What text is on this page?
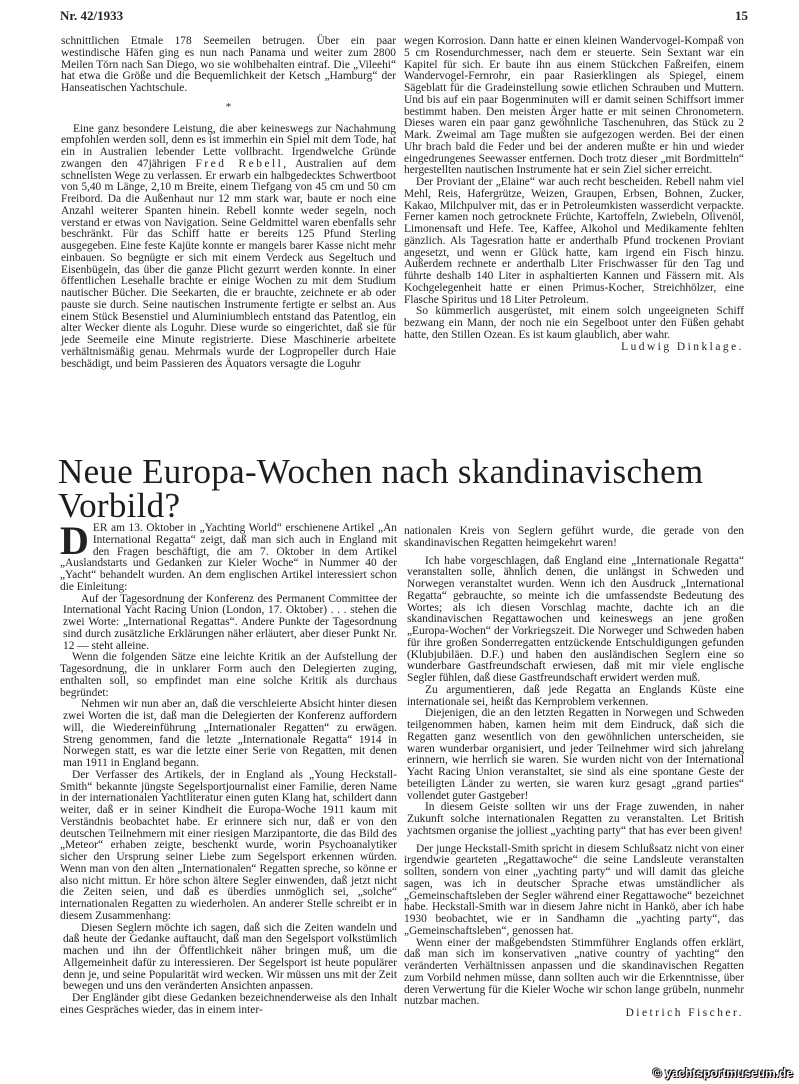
Nr. 42/1933	15

schnittlichen Etmale 178 Seemeilen betrugen. Über ein paar westindische Häfen ging es nun nach Panama und weiter zum 2800 Meilen Törn nach San Diego, wo sie wohlbehalten eintraf. Die „Vileehi“ hat etwa die Größe und die Bequemlichkeit der Ketsch „Hamburg“ der Hanseatischen Yachtschule.

*

Eine ganz besondere Leistung, die aber keineswegs zur Nachahmung empfohlen werden soll, denn es ist immerhin ein Spiel mit dem Tode, hat ein in Australien lebender Lette vollbracht. Irgendwelche Gründe zwangen den 47jährigen Fred Rebell, Australien auf dem schnellsten Wege zu verlassen. Er erwarb ein halbgedecktes Schwertboot von 5,40 m Länge, 2,10 m Breite, einem Tiefgang von 45 cm und 50 cm Freibord. Da die Außenhaut nur 12 mm stark war, baute er noch eine Anzahl weiterer Spanten hinein. Rebell konnte weder segeln, noch verstand er etwas von Navigation. Seine Geldmittel waren ebenfalls sehr beschränkt. Für das Schiff hatte er bereits 125 Pfund Sterling ausgegeben. Eine feste Kajüte konnte er mangels barer Kasse nicht mehr einbauen. So begnügte er sich mit einem Verdeck aus Segeltuch und Eisenbügeln, das über die ganze Plicht gezurrt werden konnte. In einer öffentlichen Lesehalle brachte er einige Wochen zu mit dem Studium nautischer Bücher. Die Seekarten, die er brauchte, zeichnete er ab oder pauste sie durch. Seine nautischen Instrumente fertigte er selbst an. Aus einem Stück Besenstiel und Aluminiumblech entstand das Patentlog, ein alter Wecker diente als Loguhr. Diese wurde so eingerichtet, daß sie für jede Seemeile eine Minute registrierte. Diese Maschinerie arbeitete verhältnismäßig genau. Mehrmals wurde der Logpropeller durch Haie beschädigt, und beim Passieren des Äquators versagte die Loguhr

wegen Korrosion. Dann hatte er einen kleinen Wandervogel-Kompaß von 5 cm Rosendurchmesser, nach dem er steuerte. Sein Sextant war ein Kapitel für sich. Er baute ihn aus einem Stückchen Faßreifen, einem Wandervogel-Fernrohr, ein paar Rasierklingen als Spiegel, einem Sägeblatt für die Gradeinstellung sowie etlichen Schrauben und Muttern. Und bis auf ein paar Bogenminuten will er damit seinen Schiffsort immer bestimmt haben. Den meisten Ärger hatte er mit seinen Chronometern. Dieses waren ein paar ganz gewöhnliche Taschenuhren, das Stück zu 2 Mark. Zweimal am Tage mußten sie aufgezogen werden. Bei der einen Uhr brach bald die Feder und bei der anderen mußte er hin und wieder eingedrungenes Seewasser entfernen. Doch trotz dieser „mit Bordmitteln“ hergestellten nautischen Instrumente hat er sein Ziel sicher erreicht.

Der Proviant der „Elaine“ war auch recht bescheiden. Rebell nahm viel Mehl, Reis, Hafergrütze, Weizen, Graupen, Erbsen, Bohnen, Zucker, Kakao, Milchpulver mit, das er in Petroleumkisten wasserdicht verpackte. Ferner kamen noch getrocknete Früchte, Kartoffeln, Zwiebeln, Olivenöl, Limonensaft und Hefe. Tee, Kaffee, Alkohol und Medikamente fehlten gänzlich. Als Tagesration hatte er anderthalb Pfund trockenen Proviant angesetzt, und wenn er Glück hatte, kam irgend ein Fisch hinzu. Außerdem rechnete er anderthalb Liter Frischwasser für den Tag und führte deshalb 140 Liter in asphaltierten Kannen und Fässern mit. Als Kochgelegenheit hatte er einen Primus-Kocher, Streichhölzer, eine Flasche Spiritus und 18 Liter Petroleum.

So kümmerlich ausgerüstet, mit einem solch ungeeigneten Schiff bezwang ein Mann, der noch nie ein Segelboot unter den Füßen gehabt hatte, den Stillen Ozean. Es ist kaum glaublich, aber wahr.

Ludwig Dinklage.
Neue Europa-Wochen nach skandinavischem Vorbild?

DER am 13. Oktober in „Yachting World“ erschienene Artikel „An International Regatta“ zeigt, daß man sich auch in England mit den Fragen beschäftigt, die am 7. Oktober in dem Artikel „Auslandstarts und Gedanken zur Kieler Woche“ in Nummer 40 der „Yacht“ behandelt wurden. An dem englischen Artikel interessiert schon die Einleitung:

Auf der Tagesordnung der Konferenz des Permanent Committee der International Yacht Racing Union (London, 17. Oktober) . . . stehen die zwei Worte: „International Regattas“. Andere Punkte der Tagesordnung sind durch zusätzliche Erklärungen näher erläutert, aber dieser Punkt Nr. 12 — steht alleine.

Wenn die folgenden Sätze eine leichte Kritik an der Aufstellung der Tagesordnung, die in unklarer Form auch den Delegierten zuging, enthalten soll, so empfindet man eine solche Kritik als durchaus begründet:

Nehmen wir nun aber an, daß die verschleierte Absicht hinter diesen zwei Worten die ist, daß man die Delegierten der Konferenz auffordern will, die Wiedereinführung „Internationaler Regatten“ zu erwägen. Streng genommen, fand die letzte „Internationale Regatta“ 1914 in Norwegen statt, es war die letzte einer Serie von Regatten, mit denen man 1911 in England begann.

Der Verfasser des Artikels, der in England als „Young Heckstall-Smith“ bekannte jüngste Segelsportjournalist einer Familie, deren Name in der internationalen Yachtliteratur einen guten Klang hat, schildert dann weiter, daß er in seiner Kindheit die Europa-Woche 1911 kaum mit Verständnis beobachtet habe. Er erinnere sich nur, daß er von den deutschen Teilnehmern mit einer riesigen Marzipantorte, die das Bild des „Meteor“ erhaben zeigte, beschenkt wurde, worin Psychoanalytiker sicher den Ursprung seiner Liebe zum Segelsport erkennen würden. Wenn man von den alten „Internationalen“ Regatten spreche, so könne er also nicht mittun. Er höre schon ältere Segler einwenden, daß jetzt nicht die Zeiten seien, und daß es überdies unmöglich sei, „solche“ internationalen Regatten zu wiederholen. An anderer Stelle schreibt er in diesem Zusammenhang:

Diesen Seglern möchte ich sagen, daß sich die Zeiten wandeln und daß heute der Gedanke auftaucht, daß man den Segelsport volkstümlich machen und ihn der Öffentlichkeit näher bringen muß, um die Allgemeinheit dafür zu interessieren. Der Segelsport ist heute populärer denn je, und seine Popularität wird wecken. Wir müssen uns mit der Zeit bewegen und uns den veränderten Ansichten anpassen.

Der Engländer gibt diese Gedanken bezeichnenderweise als den Inhalt eines Gespräches wieder, das in einem inter-

nationalen Kreis von Seglern geführt wurde, die gerade von den skandinavischen Regatten heimgekehrt waren!

Ich habe vorgeschlagen, daß England eine „Internationale Regatta“ veranstalten solle, ähnlich denen, die unlängst in Schweden und Norwegen veranstaltet wurden. Wenn ich den Ausdruck „International Regatta“ gebrauchte, so meinte ich die umfassendste Bedeutung des Wortes; als ich diesen Vorschlag machte, dachte ich an die skandinavischen Regattawochen und keineswegs an jene großen „Europa-Wochen“ der Vorkriegszeit. Die Norweger und Schweden haben für ihre großen Sonderregatten entzückende Entschuldigungen gefunden (Klubjubiläen. D.F.) und haben den ausländischen Seglern eine so wunderbare Gastfreundschaft erwiesen, daß mit mir viele englische Segler fühlen, daß diese Gastfreundschaft erwidert werden muß.

Zu argumentieren, daß jede Regatta an Englands Küste eine internationale sei, heißt das Kernproblem verkennen.

Diejenigen, die an den letzten Regatten in Norwegen und Schweden teilgenommen haben, kamen heim mit dem Eindruck, daß sich die Regatten ganz wesentlich von den gewöhnlichen unterscheiden, sie waren wunderbar organisiert, und jeder Teilnehmer wird sich jahrelang erinnern, wie herrlich sie waren. Sie wurden nicht von der International Yacht Racing Union veranstaltet, sie sind als eine spontane Geste der beteiligten Länder zu werten, sie waren kurz gesagt „grand parties“ vollendet guter Gastgeber!

In diesem Geiste sollten wir uns der Frage zuwenden, in naher Zukunft solche internationalen Regatten zu veranstalten. Let British yachtsmen organise the jolliest „yachting party“ that has ever been given!

Der junge Heckstall-Smith spricht in diesem Schlußsatz nicht von einer irgendwie gearteten „Regattawoche“ die seine Landsleute veranstalten sollten, sondern von einer „yachting party“ und will damit das gleiche sagen, was ich in deutscher Sprache etwas umständlicher als „Gemeinschaftsleben der Segler während einer Regattawoche“ bezeichnet habe. Heckstall-Smith war in diesem Jahre nicht in Hankö, aber ich habe 1930 beobachtet, wie er in Sandhamn die „yachting party“, das „Gemeinschaftsleben“, genossen hat.

Wenn einer der maßgebendsten Stimmführer Englands offen erklärt, daß man sich im konservativen „native country of yachting“ den veränderten Verhältnissen anpassen und die skandinavischen Regatten zum Vorbild nehmen müsse, dann sollten auch wir die Erkenntnisse, über deren Verwertung für die Kieler Woche wir schon lange grübeln, nunmehr nutzbar machen.

Dietrich Fischer.
© yachtsportmuseum.de
